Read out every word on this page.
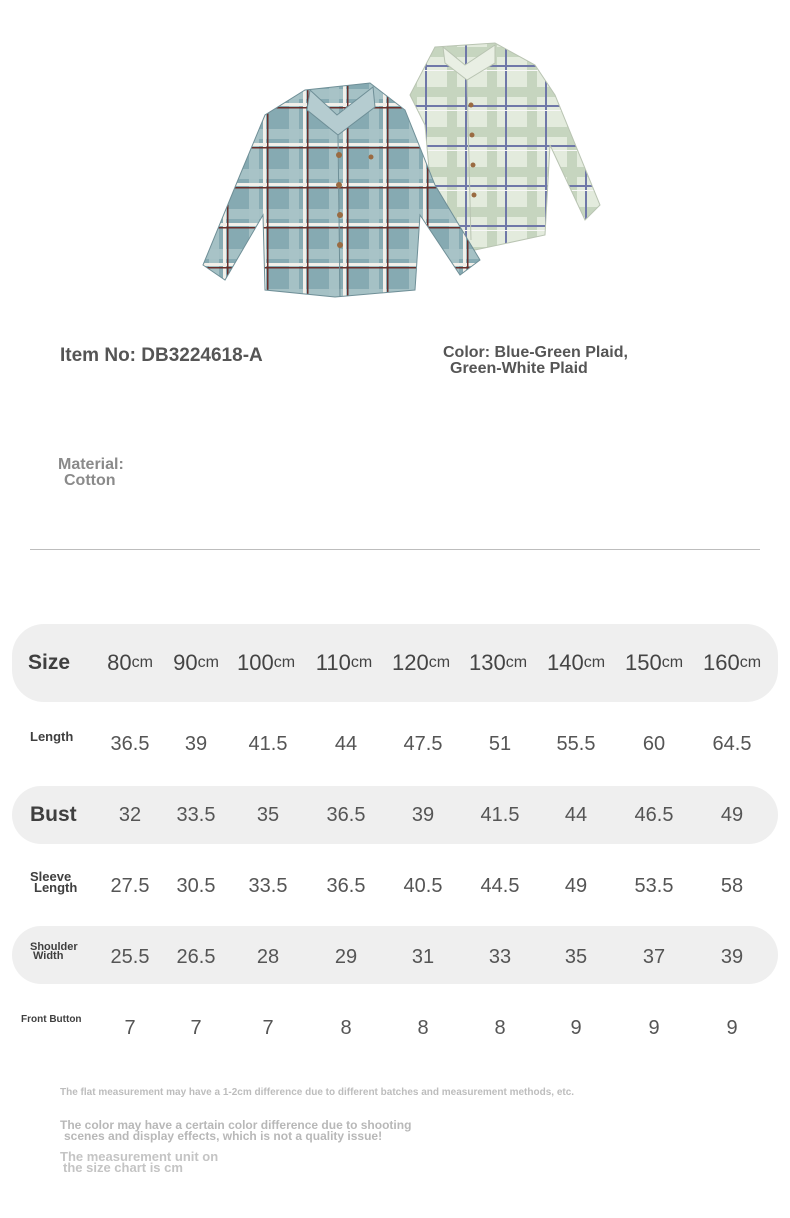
Item No: DB3224618-A	Color: Blue-Green Plaid,
Green-White Plaid
Material:
Cotton
Size 80 cm 90 cm 100 cm 110 cm 120 cm 130 cm 140 cm 150 cm 160 cm
Length	36.5	39	41.5	44	47.5	51	55.5	60	64.5
Bust	32	33.5	35	36.5	39	41.5	44	46.5	49
Sleeve
Length	27.5	30.5	33.5	36.5	40.5	44.5	49	53.5	58
Shoulder
Width	25.5	26.5	28	29	31	33	35	37	39
Front Button	7	7	7	8	8	8	9	9	9
The flat measurement may have a 1-2cm difference due to different batches and measurement methods, etc.
The color may have a certain color difference due to shooting
scenes and display effects, which is not a quality issue!
The measurement unit on
the size chart is cm
